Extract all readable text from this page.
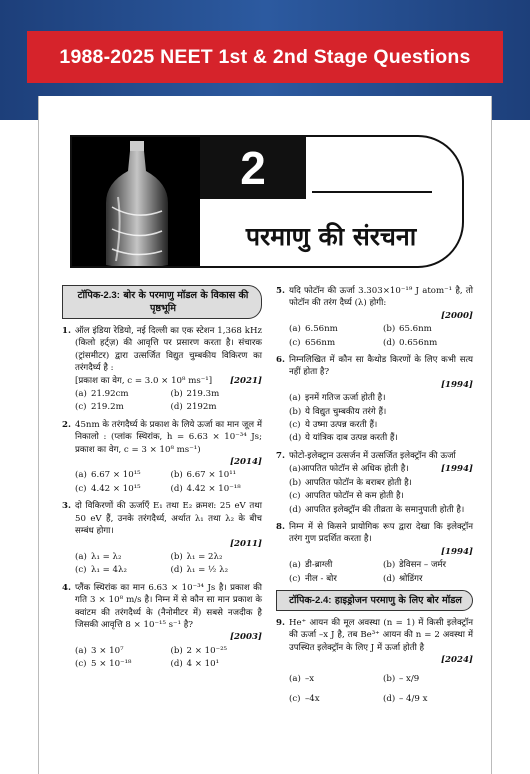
1988-2025 NEET 1st & 2nd Stage Questions
2
परमाणु की संरचना
टॉपिक-2.3: बोर के परमाणु मॉडल के विकास की पृष्ठभूमि
1. ऑल इंडिया रेडियो, नई दिल्ली का एक स्टेशन 1,368 kHz (किलो हर्ट्ज़) की आवृत्ति पर प्रसारण करता है। संचारक (ट्रांसमीटर) द्वारा उत्सर्जित विद्युत चुम्बकीय विकिरण का तरंगदैर्घ्य है :
[प्रकाश का वेग, c = 3.0 × 10⁸ ms⁻¹] [2021]
(a) 21.92cm	(b) 219.3m
(c) 219.2m	(d) 2192m
2. 45nm के तरंगदैर्घ्य के प्रकाश के लिये ऊर्जा का मान जूल में निकालो : (प्लांक स्थिरांक, h = 6.63 × 10⁻³⁴ Js; प्रकाश का वेग, c = 3 × 10⁸ ms⁻¹)
[2014]
(a) 6.67 × 10¹⁵	(b) 6.67 × 10¹¹
(c) 4.42 × 10¹⁵	(d) 4.42 × 10⁻¹⁸
3. दो विकिरणों की ऊर्जाएँ E₁ तथा E₂ क्रमश: 25 eV तथा 50 eV हैं, उनके तरंगदैर्ध्य, अर्थात λ₁ तथा λ₂ के बीच सम्बंध होगा।
[2011]
(a) λ₁ = λ₂	(b) λ₁ = 2λ₂
(c) λ₁ = 4λ₂	(d) λ₁ = ½ λ₂
4. प्लैंक स्थिरांक का मान 6.63 × 10⁻³⁴ Js है। प्रकाश की गति 3 × 10⁸ m/s है। निम्न में से कौन सा मान प्रकाश के क्वांटम की तरंगदैर्ध्य के (नैनोमीटर में) सबसे नजदीक है जिसकी आवृत्ति 8 × 10⁻¹⁵ s⁻¹ है?
[2003]
(a) 3 × 10⁷	(b) 2 × 10⁻²⁵
(c) 5 × 10⁻¹⁸	(d) 4 × 10¹
5. यदि फोटॉन की ऊर्जा 3.303×10⁻¹⁹ J atom⁻¹ है, तो फोटॉन की तरंग दैर्घ्य (λ) होगी:
[2000]
(a) 6.56nm	(b) 65.6nm
(c) 656nm	(d) 0.656nm
6. निम्नलिखित में कौन सा कैथोड किरणों के लिए कभी सत्य नहीं होता है?
[1994]
(a) इनमें गतिज ऊर्जा होती है।
(b) ये विद्युत चुम्बकीय तरंगे हैं।
(c) ये उष्मा उत्पन्न करती हैं।
(d) ये यांत्रिक दाब उत्पन्न करती हैं।
7. फोटो-इलेक्ट्रान उत्सर्जन में उत्सर्जित इलेक्ट्रॉन की ऊर्जा
(a)आपतित फोटॉन से अधिक होती है।	[1994]
(b) आपतित फोटॉन के बराबर होती है।
(c) आपतित फोटॉन से कम होती है।
(d) आपतित इलेक्ट्रॉन की तीव्रता के समानुपाती होती है।
8. निम्न में से किसने प्रायोगिक रूप द्वारा देखा कि इलेक्ट्रॉन तरंग गुण प्रदर्शित करता है।
[1994]
(a) डी-ब्राग्ली	(b) डेविसन – जर्मर
(c) नील - बोर	(d) श्रोडिंगर
टॉपिक-2.4: हाइड्रोजन परमाणु के लिए बोर मॉडल
9. He⁺ आयन की मूल अवस्था (n = 1) में किसी इलेक्ट्रॉन की ऊर्जा –x J है, तब Be³⁺ आयन की n = 2 अवस्था में उपस्थित इलेक्ट्रॉन के लिए J में ऊर्जा होती है
[2024]
(a) –x	(b) – x/9
(c) –4x	(d) – 4/9 x
